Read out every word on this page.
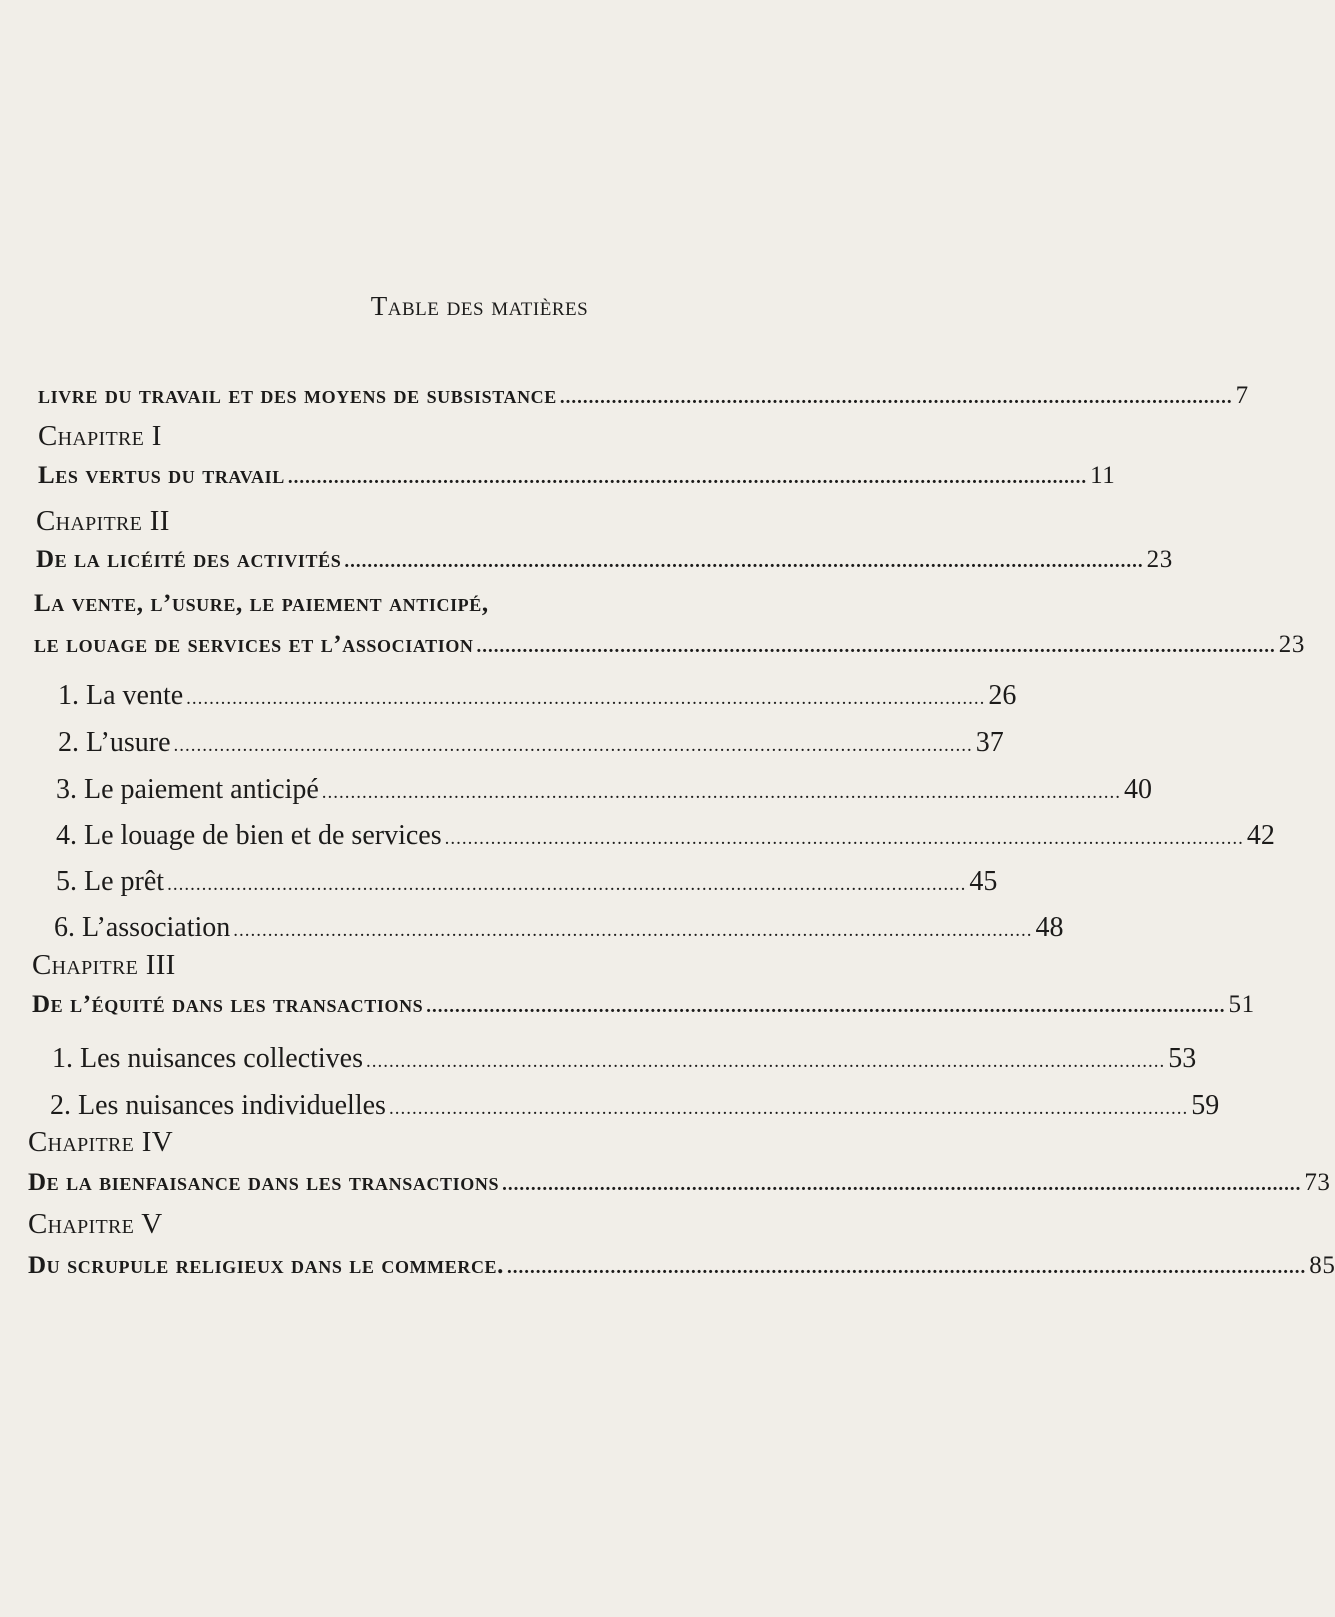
Table des matières
livre du travail et des moyens de subsistance ..................................................................................................................... 7
Chapitre I
Les vertus du travail ........................................................................................................................................... 11
Chapitre II
De la licéité des activités ........................................................................................................................................... 23
La vente, l’usure, le paiement anticipé,
le louage de services et l’association ........................................................................................................................................... 23
1. La vente ........................................................................................................................................... 26
2. L’usure ........................................................................................................................................... 37
3. Le paiement anticipé ........................................................................................................................................... 40
4. Le louage de bien et de services ........................................................................................................................................... 42
5. Le prêt ........................................................................................................................................... 45
6. L’association ........................................................................................................................................... 48
Chapitre III
De l’équité dans les transactions ........................................................................................................................................... 51
1. Les nuisances collectives ........................................................................................................................................... 53
2. Les nuisances individuelles ........................................................................................................................................... 59
Chapitre IV
De la bienfaisance dans les transactions ........................................................................................................................................... 73
Chapitre V
Du scrupule religieux dans le commerce. ........................................................................................................................................... 85
